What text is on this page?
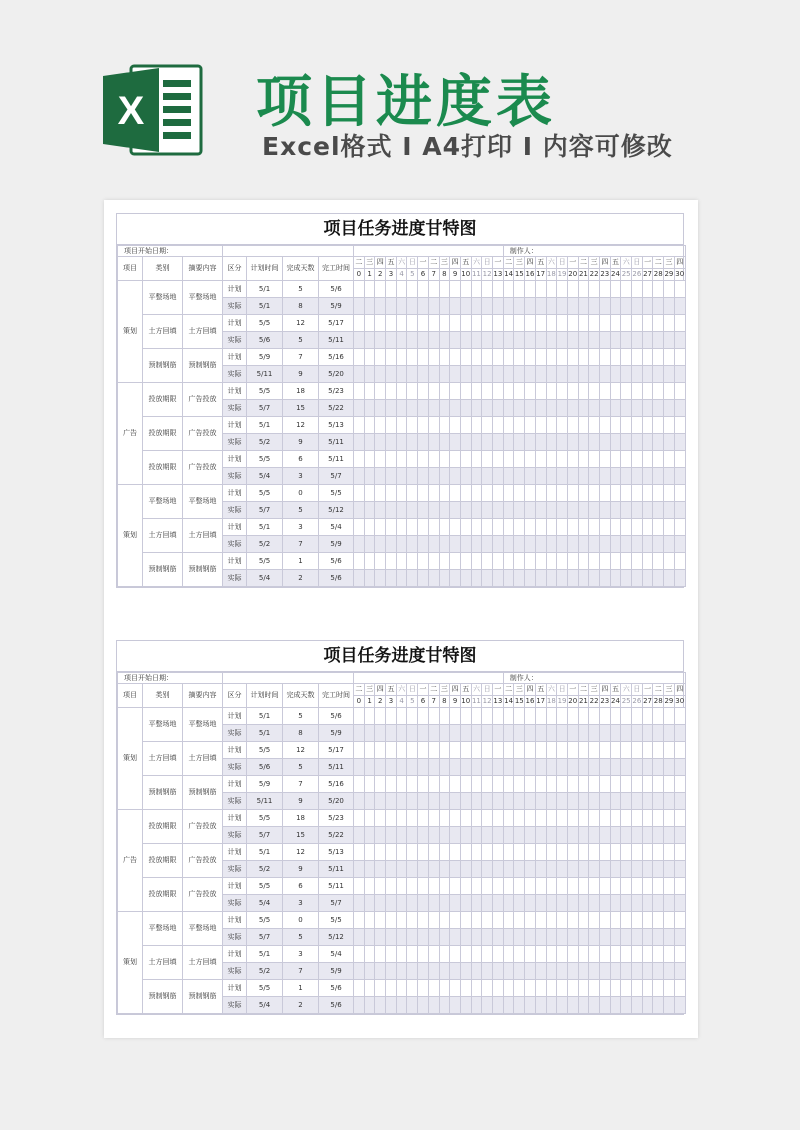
X 项目进度表
Excel格式 I A4打印 I 内容可修改
项目任务进度甘特图
项目开始日期：																					制作人：																
项目	类别	摘要内容	区分	计划时间	完成天数	完工时间	二	三	四	五	六	日	一	二	三	四	五	六	日	一	二	三	四	五	六	日	一	二	三	四	五	六	日	一	二	三	四
							0	1	2	3	4	5	6	7	8	9	10	11	12	13	14	15	16	17	18	19	20	21	22	23	24	25	26	27	28	29	30
策划	平整场地	平整场地	计划	5/1	5	5/6																															
			实际	5/1	8	5/9																															
	土方回填	土方回填	计划	5/5	12	5/17																															
			实际	5/6	5	5/11																															
	预制钢筋	预制钢筋	计划	5/9	7	5/16																															
			实际	5/11	9	5/20																															
广告	投放期限	广告投放	计划	5/5	18	5/23																															
			实际	5/7	15	5/22																															
	投放期限	广告投放	计划	5/1	12	5/13																															
			实际	5/2	9	5/11																															
	投放期限	广告投放	计划	5/5	6	5/11																															
			实际	5/4	3	5/7																															
策划	平整场地	平整场地	计划	5/5	0	5/5																															
			实际	5/7	5	5/12																															
	土方回填	土方回填	计划	5/1	3	5/4																															
			实际	5/2	7	5/9																															
	预制钢筋	预制钢筋	计划	5/5	1	5/6																															
			实际	5/4	2	5/6																															
项目任务进度甘特图
项目开始日期：																					制作人：																
项目	类别	摘要内容	区分	计划时间	完成天数	完工时间	二	三	四	五	六	日	一	二	三	四	五	六	日	一	二	三	四	五	六	日	一	二	三	四	五	六	日	一	二	三	四
							0	1	2	3	4	5	6	7	8	9	10	11	12	13	14	15	16	17	18	19	20	21	22	23	24	25	26	27	28	29	30
策划	平整场地	平整场地	计划	5/1	5	5/6																															
			实际	5/1	8	5/9																															
	土方回填	土方回填	计划	5/5	12	5/17																															
			实际	5/6	5	5/11																															
	预制钢筋	预制钢筋	计划	5/9	7	5/16																															
			实际	5/11	9	5/20																															
广告	投放期限	广告投放	计划	5/5	18	5/23																															
			实际	5/7	15	5/22																															
	投放期限	广告投放	计划	5/1	12	5/13																															
			实际	5/2	9	5/11																															
	投放期限	广告投放	计划	5/5	6	5/11																															
			实际	5/4	3	5/7																															
策划	平整场地	平整场地	计划	5/5	0	5/5																															
			实际	5/7	5	5/12																															
	土方回填	土方回填	计划	5/1	3	5/4																															
			实际	5/2	7	5/9																															
	预制钢筋	预制钢筋	计划	5/5	1	5/6																															
			实际	5/4	2	5/6																															
